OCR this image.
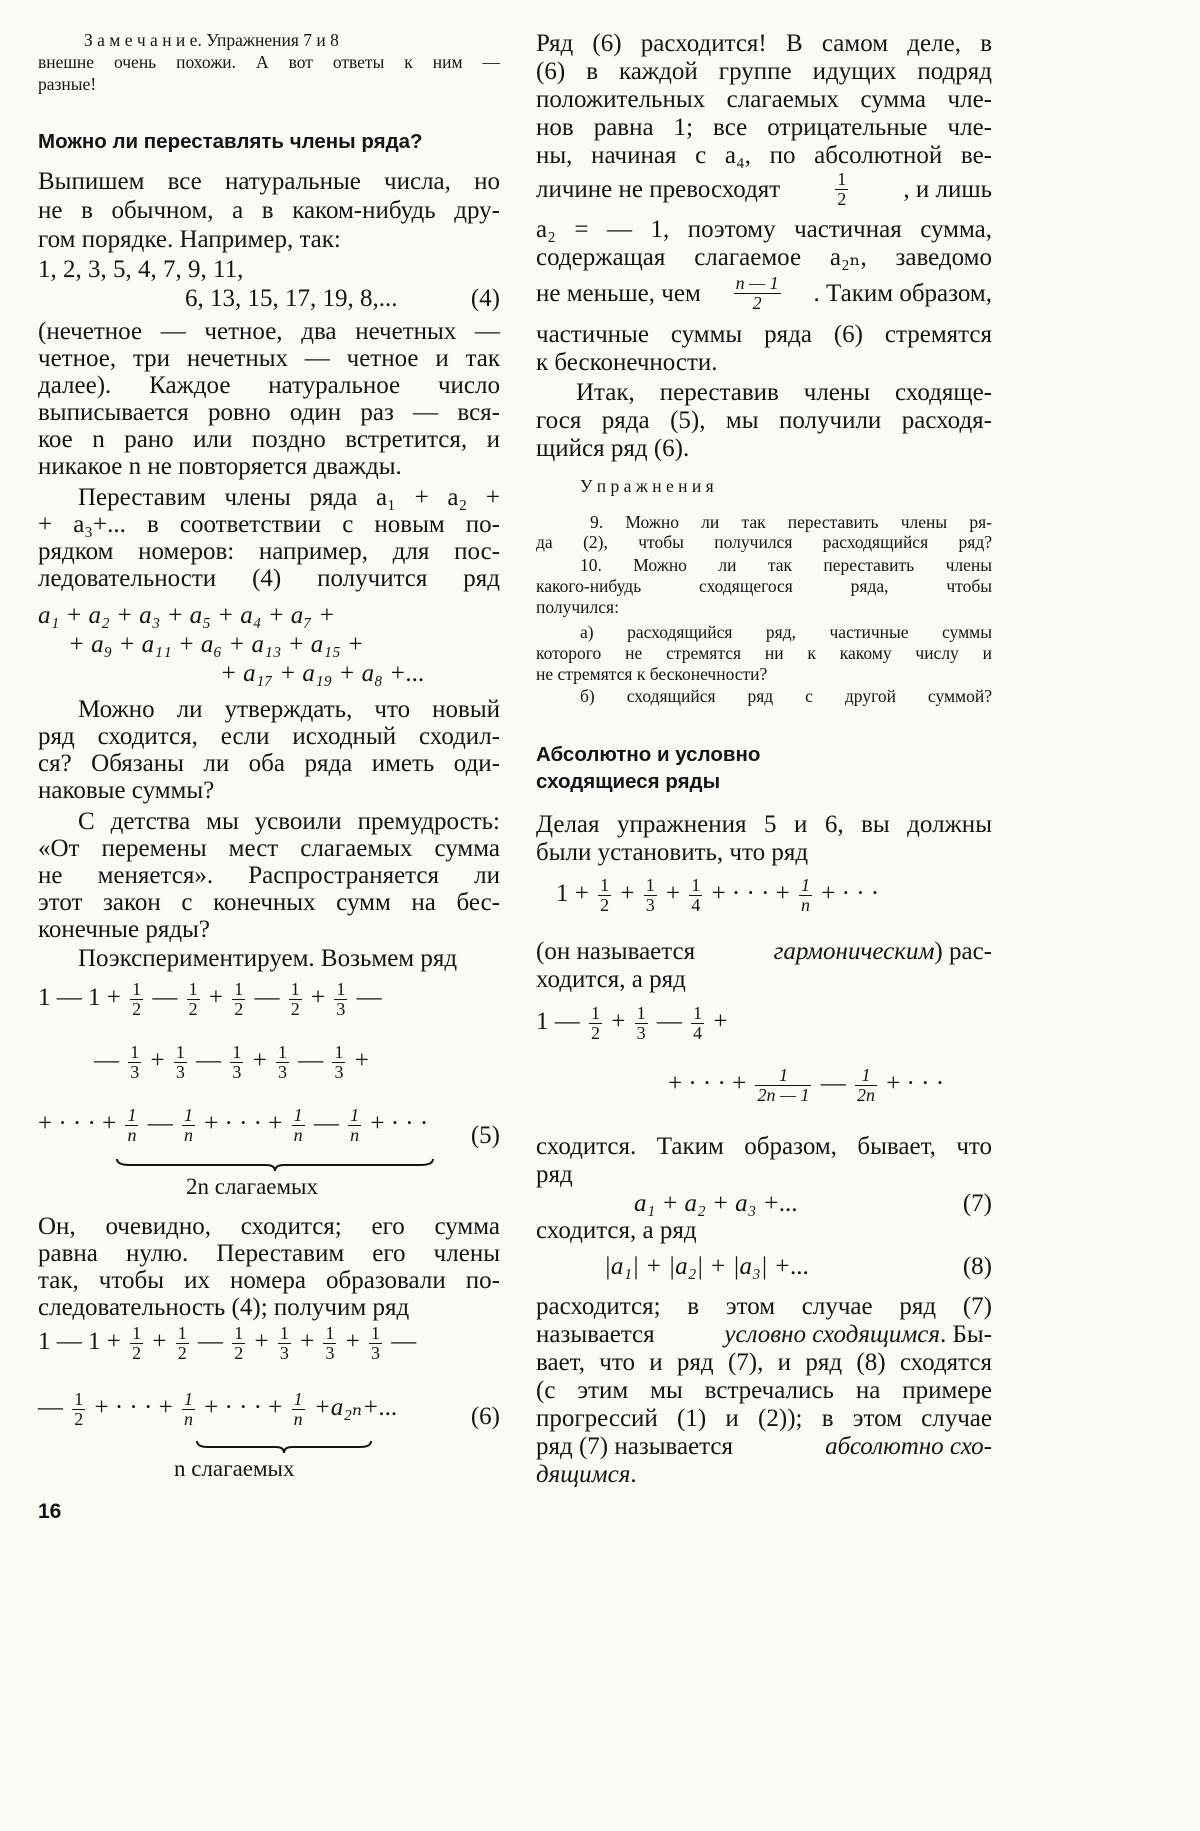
З а м е ч а н и е. Упражнения 7 и 8
внешне очень похожи. А вот ответы к ним —
разные!
Можно ли переставлять члены ряда?
Выпишем все натуральные числа, но
не в обычном, а в каком-нибудь дру-
гом порядке. Например, так:
1, 2, 3, 5, 4, 7, 9, 11,
6, 13, 15, 17, 19, 8,...	(4)
(нечетное — четное, два нечетных —
четное, три нечетных — четное и так
далее). Каждое натуральное число
выписывается ровно один раз — вся-
кое n рано или поздно встретится, и
никакое n не повторяется дважды.
Переставим члены ряда a₁ + a₂ +
+ a₃+... в соответствии с новым по-
рядком номеров: например, для пос-
ледовательности (4) получится ряд
a₁ + a₂ + a₃ + a₅ + a₄ + a₇ +
+ a₉ + a₁₁ + a₆ + a₁₃ + a₁₅ +
+ a₁₇ + a₁₉ + a₈ +...
Можно ли утверждать, что новый
ряд сходится, если исходный сходил-
ся? Обязаны ли оба ряда иметь оди-
наковые суммы?
С детства мы усвоили премудрость:
«От перемены мест слагаемых сумма
не меняется». Распространяется ли
этот закон с конечных сумм на бес-
конечные ряды?
Поэкспериментируем. Возьмем ряд
1 — $1 + \frac{1}{2}$ — $\frac{1}{2} + \frac{1}{2}$ — $\frac{1}{2} + \frac{1}{3}$ —
— $\frac{1}{3} + \frac{1}{3}$ — $\frac{1}{3} + \frac{1}{3}$ — $\frac{1}{3}$ +
+ · · · + $\frac{1}{n}$ — $\frac{1}{n}$ + · · · + $\frac{1}{n}$ — $\frac{1}{n}$ + · · ·	(5)
2n слагаемых
Он, очевидно, сходится; его сумма
равна нулю. Переставим его члены
так, чтобы их номера образовали по-
следовательность (4); получим ряд
1 — $1 + \frac{1}{2} + \frac{1}{2}$ — $\frac{1}{2} + \frac{1}{3} + \frac{1}{3} + \frac{1}{3}$ —
— $\frac{1}{2}$ + · · · + $\frac{1}{n}$ + · · · + $\frac{1}{n} +a_{2n}+$...	(6)
n слагаемых
Ряд (6) расходится! В самом деле, в
(6) в каждой группе идущих подряд
положительных слагаемых сумма чле-
нов равна 1; все отрицательные чле-
ны, начиная с a₄, по абсолютной ве-
личине не превосходят	$\frac{1}{2}$ , и лишь
a₂ = — 1, поэтому частичная сумма,
содержащая слагаемое a₂ₙ, заведомо
не меньше, чем $\frac{n — 1}{2}$ . Таким образом,
частичные суммы ряда (6) стремятся
к бесконечности.
Итак, переставив члены сходяще-
гося ряда (5), мы получили расходя-
щийся ряд (6).
У п р а ж н е н и я
9. Можно ли так переставить члены ря-
да (2), чтобы получился расходящийся ряд?
10. Можно ли так переставить члены
какого-нибудь сходящегося ряда, чтобы
получился:
а) расходящийся ряд, частичные суммы
которого не стремятся ни к какому числу и
не стремятся к бесконечности?
б) сходящийся ряд с другой суммой?
Абсолютно и условно
сходящиеся ряды
Делая упражнения 5 и 6, вы должны
были установить, что ряд
$1 + \frac{1}{2} + \frac{1}{3} + \frac{1}{4}$ + · · · + $\frac{1}{n}$ + · · ·
(он называется	гармоническим) рас-
ходится, а ряд
1 — $\frac{1}{2} + \frac{1}{3}$ — $\frac{1}{4}$ +
+ · · · + $\frac{1}{2n — 1}$ — $\frac{1}{2n}$ + · · ·
сходится. Таким образом, бывает, что
ряд
a₁ + a₂ + a₃ +...	(7)
сходится, а ряд
|a₁| + |a₂| + |a₃| +...	(8)
расходится; в этом случае ряд (7)
называется	условно сходящимся. Бы-
вает, что и ряд (7), и ряд (8) сходятся
(с этим мы встречались на примере
прогрессий (1) и (2)); в этом случае
ряд (7) называется	абсолютно схо-
дящимся.
16
